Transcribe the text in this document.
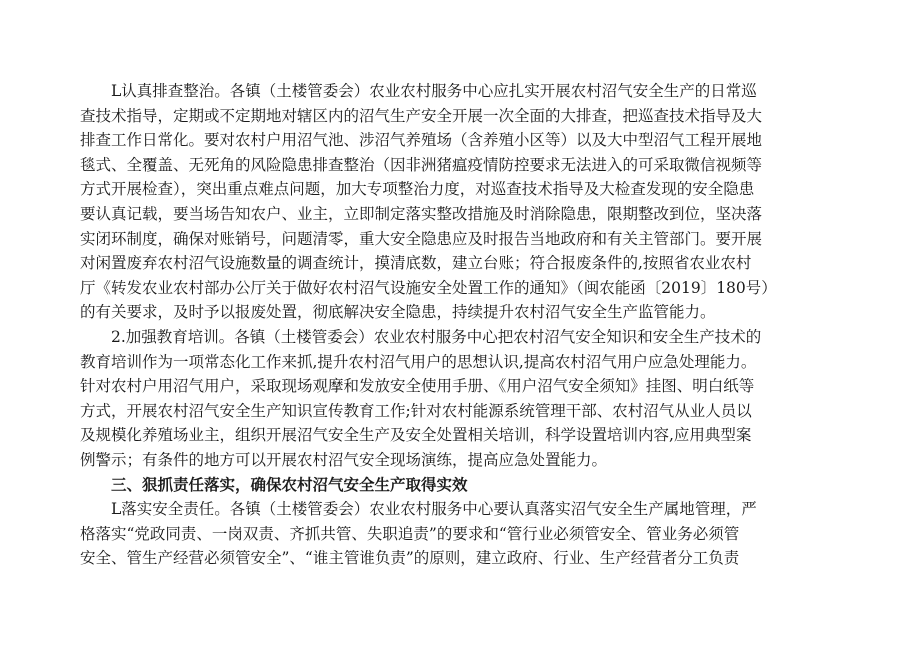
L认真排查整治。各镇（土楼管委会）农业农村服务中心应扎实开展农村沼气安全生产的日常巡
查技术指导，定期或不定期地对辖区内的沼气生产安全开展一次全面的大排查，把巡查技术指导及大
排查工作日常化。要对农村户用沼气池、涉沼气养殖场（含养殖小区等）以及大中型沼气工程开展地
毯式、全覆盖、无死角的风险隐患排查整治（因非洲猪瘟疫情防控要求无法进入的可采取微信视频等
方式开展检查），突出重点难点问题，加大专项整治力度，对巡查技术指导及大检查发现的安全隐患
要认真记载，要当场告知农户、业主，立即制定落实整改措施及时消除隐患，限期整改到位，坚决落
实闭环制度，确保对账销号，问题清零，重大安全隐患应及时报告当地政府和有关主管部门。要开展
对闲置废弃农村沼气设施数量的调查统计，摸清底数，建立台账；符合报废条件的,按照省农业农村
厅《转发农业农村部办公厅关于做好农村沼气设施安全处置工作的通知》（闽农能函〔2019〕180号）
的有关要求，及时予以报废处置，彻底解决安全隐患，持续提升农村沼气安全生产监管能力。

2.加强教育培训。各镇（土楼管委会）农业农村服务中心把农村沼气安全知识和安全生产技术的
教育培训作为一项常态化工作来抓,提升农村沼气用户的思想认识,提高农村沼气用户应急处理能力。
针对农村户用沼气用户，采取现场观摩和发放安全使用手册、《用户沼气安全须知》挂图、明白纸等
方式，开展农村沼气安全生产知识宣传教育工作;针对农村能源系统管理干部、农村沼气从业人员以
及规模化养殖场业主，组织开展沼气安全生产及安全处置相关培训，科学设置培训内容,应用典型案
例警示；有条件的地方可以开展农村沼气安全现场演练，提高应急处置能力。

三、狠抓责任落实，确保农村沼气安全生产取得实效

L落实安全责任。各镇（土楼管委会）农业农村服务中心要认真落实沼气安全生产属地管理，严
格落实“党政同责、一岗双责、齐抓共管、失职追责”的要求和“管行业必须管安全、管业务必须管
安全、管生产经营必须管安全”、“谁主管谁负责”的原则，建立政府、行业、生产经营者分工负责
